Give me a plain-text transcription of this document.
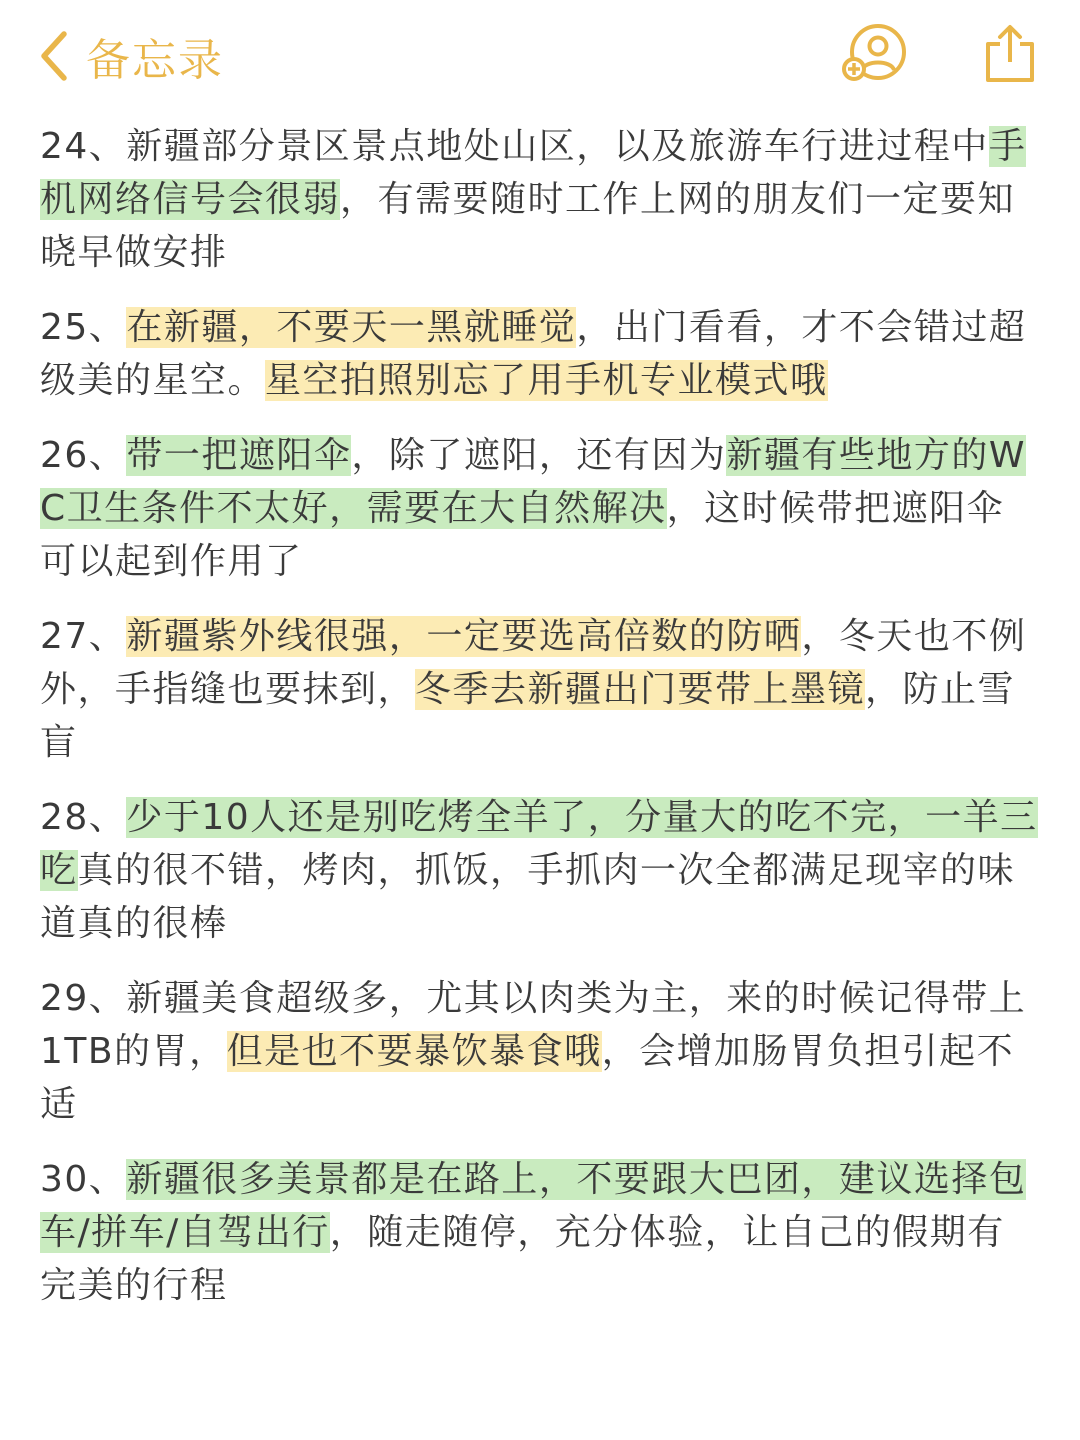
备忘录

24、新疆部分景区景点地处山区，以及旅游车行进过程中手机网络信号会很弱，有需要随时工作上网的朋友们一定要知晓早做安排

25、在新疆，不要天一黑就睡觉，出门看看，才不会错过超级美的星空。星空拍照别忘了用手机专业模式哦

26、带一把遮阳伞，除了遮阳，还有因为新疆有些地方的WC卫生条件不太好，需要在大自然解决，这时候带把遮阳伞可以起到作用了

27、新疆紫外线很强，一定要选高倍数的防晒，冬天也不例外，手指缝也要抹到，冬季去新疆出门要带上墨镜，防止雪盲

28、少于10人还是别吃烤全羊了，分量大的吃不完，一羊三吃真的很不错，烤肉，抓饭，手抓肉一次全都满足现宰的味道真的很棒

29、新疆美食超级多，尤其以肉类为主，来的时候记得带上1TB的胃，但是也不要暴饮暴食哦，会增加肠胃负担引起不适

30、新疆很多美景都是在路上，不要跟大巴团，建议选择包车/拼车/自驾出行，随走随停，充分体验，让自己的假期有完美的行程
